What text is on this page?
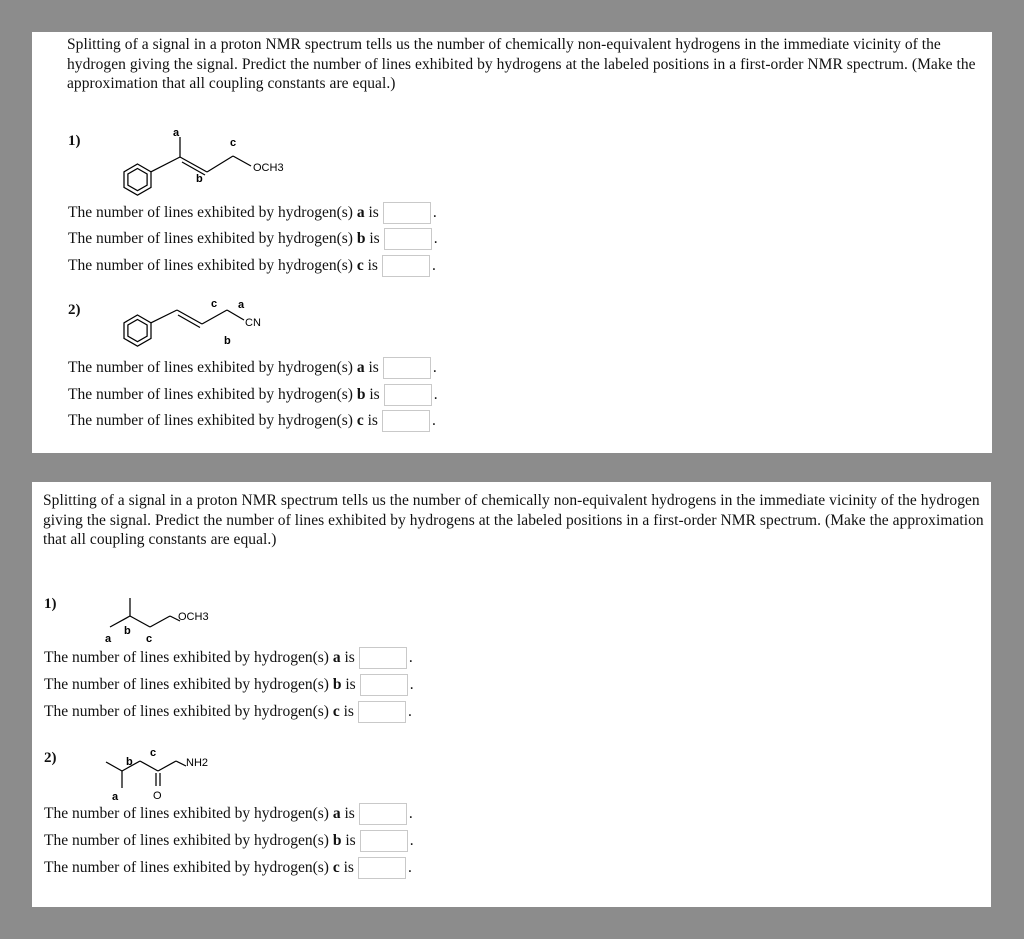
Splitting of a signal in a proton NMR spectrum tells us the number of chemically non-equivalent hydrogens in the immediate vicinity of the hydrogen giving the signal. Predict the number of lines exhibited by hydrogens at the labeled positions in a first-order NMR spectrum. (Make the approximation that all coupling constants are equal.)

1)	a
b
c
OCH3
The number of lines exhibited by hydrogen(s) a is	.
The number of lines exhibited by hydrogen(s) b is	.
The number of lines exhibited by hydrogen(s) c is	.
2)	c a
b
CN
The number of lines exhibited by hydrogen(s) a is	.
The number of lines exhibited by hydrogen(s) b is	.
The number of lines exhibited by hydrogen(s) c is	.

Splitting of a signal in a proton NMR spectrum tells us the number of chemically non-equivalent hydrogens in the immediate vicinity of the hydrogen giving the signal. Predict the number of lines exhibited by hydrogens at the labeled positions in a first-order NMR spectrum. (Make the approximation that all coupling constants are equal.)

1)
a
b
c
OCH3
The number of lines exhibited by hydrogen(s) a is	.
The number of lines exhibited by hydrogen(s) b is	.
The number of lines exhibited by hydrogen(s) c is	.
2)	b
c
a	O
NH2
The number of lines exhibited by hydrogen(s) a is	.
The number of lines exhibited by hydrogen(s) b is	.
The number of lines exhibited by hydrogen(s) c is	.
